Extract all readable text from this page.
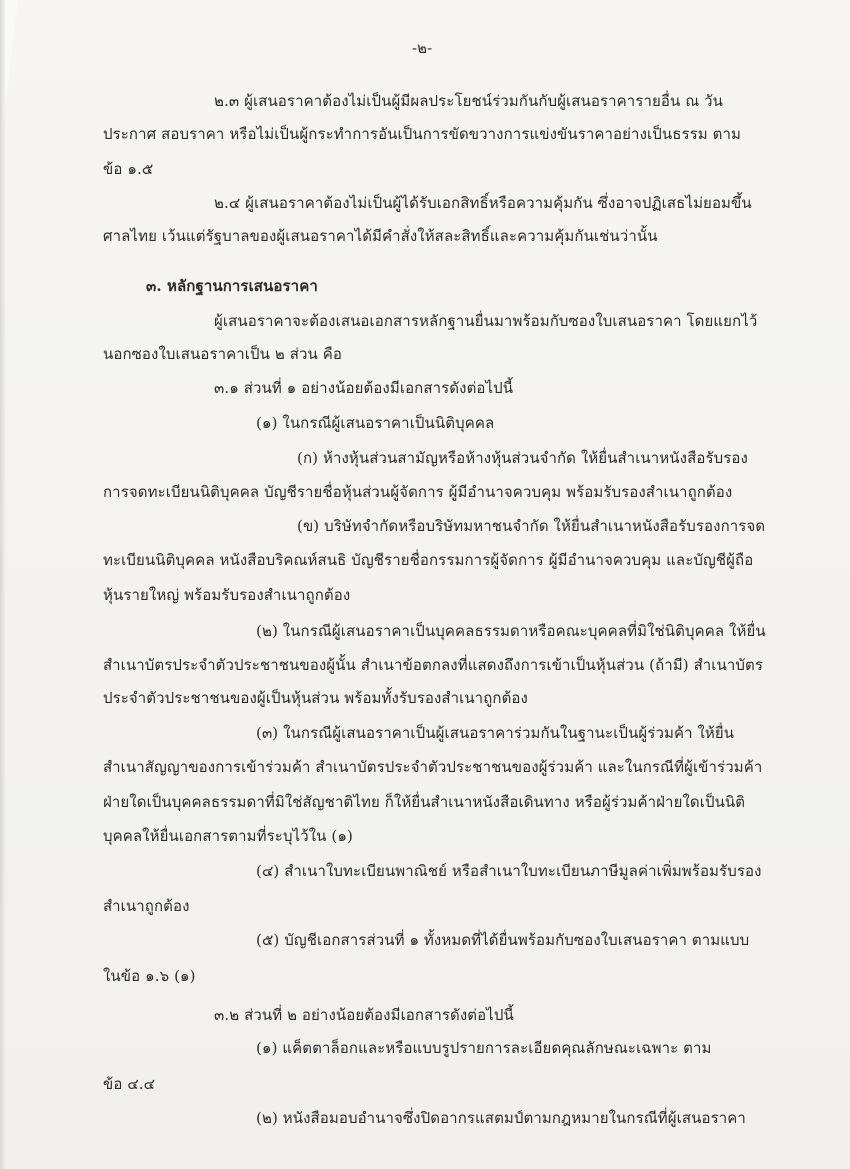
-๒-

๒.๓ ผู้เสนอราคาต้องไม่เป็นผู้มีผลประโยชน์ร่วมกันกับผู้เสนอราคารายอื่น ณ วัน

ประกาศ สอบราคา หรือไม่เป็นผู้กระทำการอันเป็นการขัดขวางการแข่งขันราคาอย่างเป็นธรรม ตาม

ข้อ ๑.๕

๒.๔ ผู้เสนอราคาต้องไม่เป็นผู้ได้รับเอกสิทธิ์หรือความคุ้มกัน ซึ่งอาจปฏิเสธไม่ยอมขึ้น

ศาลไทย เว้นแต่รัฐบาลของผู้เสนอราคาได้มีคำสั่งให้สละสิทธิ์และความคุ้มกันเช่นว่านั้น

๓. หลักฐานการเสนอราคา

ผู้เสนอราคาจะต้องเสนอเอกสารหลักฐานยื่นมาพร้อมกับซองใบเสนอราคา โดยแยกไว้

นอกซองใบเสนอราคาเป็น ๒ ส่วน คือ

๓.๑ ส่วนที่ ๑ อย่างน้อยต้องมีเอกสารดังต่อไปนี้

(๑) ในกรณีผู้เสนอราคาเป็นนิติบุคคล

(ก) ห้างหุ้นส่วนสามัญหรือห้างหุ้นส่วนจำกัด ให้ยื่นสำเนาหนังสือรับรอง

การจดทะเบียนนิติบุคคล บัญชีรายชื่อหุ้นส่วนผู้จัดการ ผู้มีอำนาจควบคุม พร้อมรับรองสำเนาถูกต้อง

(ข) บริษัทจำกัดหรือบริษัทมหาชนจำกัด ให้ยื่นสำเนาหนังสือรับรองการจด

ทะเบียนนิติบุคคล หนังสือบริคณห์สนธิ บัญชีรายชื่อกรรมการผู้จัดการ ผู้มีอำนาจควบคุม และบัญชีผู้ถือ

หุ้นรายใหญ่ พร้อมรับรองสำเนาถูกต้อง

(๒) ในกรณีผู้เสนอราคาเป็นบุคคลธรรมดาหรือคณะบุคคลที่มิใช่นิติบุคคล ให้ยื่น

สำเนาบัตรประจำตัวประชาชนของผู้นั้น สำเนาข้อตกลงที่แสดงถึงการเข้าเป็นหุ้นส่วน (ถ้ามี) สำเนาบัตร

ประจำตัวประชาชนของผู้เป็นหุ้นส่วน พร้อมทั้งรับรองสำเนาถูกต้อง

(๓) ในกรณีผู้เสนอราคาเป็นผู้เสนอราคาร่วมกันในฐานะเป็นผู้ร่วมค้า ให้ยื่น

สำเนาสัญญาของการเข้าร่วมค้า สำเนาบัตรประจำตัวประชาชนของผู้ร่วมค้า และในกรณีที่ผู้เข้าร่วมค้า

ฝ่ายใดเป็นบุคคลธรรมดาที่มิใช่สัญชาติไทย ก็ให้ยื่นสำเนาหนังสือเดินทาง หรือผู้ร่วมค้าฝ่ายใดเป็นนิติ

บุคคลให้ยื่นเอกสารตามที่ระบุไว้ใน (๑)

(๔) สำเนาใบทะเบียนพาณิชย์ หรือสำเนาใบทะเบียนภาษีมูลค่าเพิ่มพร้อมรับรอง

สำเนาถูกต้อง

(๕) บัญชีเอกสารส่วนที่ ๑ ทั้งหมดที่ได้ยื่นพร้อมกับซองใบเสนอราคา ตามแบบ

ในข้อ ๑.๖ (๑)

๓.๒ ส่วนที่ ๒ อย่างน้อยต้องมีเอกสารดังต่อไปนี้

(๑) แค็ตตาล็อกและหรือแบบรูปรายการละเอียดคุณลักษณะเฉพาะ ตาม

ข้อ ๔.๔

(๒) หนังสือมอบอำนาจซึ่งปิดอากรแสตมป์ตามกฎหมายในกรณีที่ผู้เสนอราคา
